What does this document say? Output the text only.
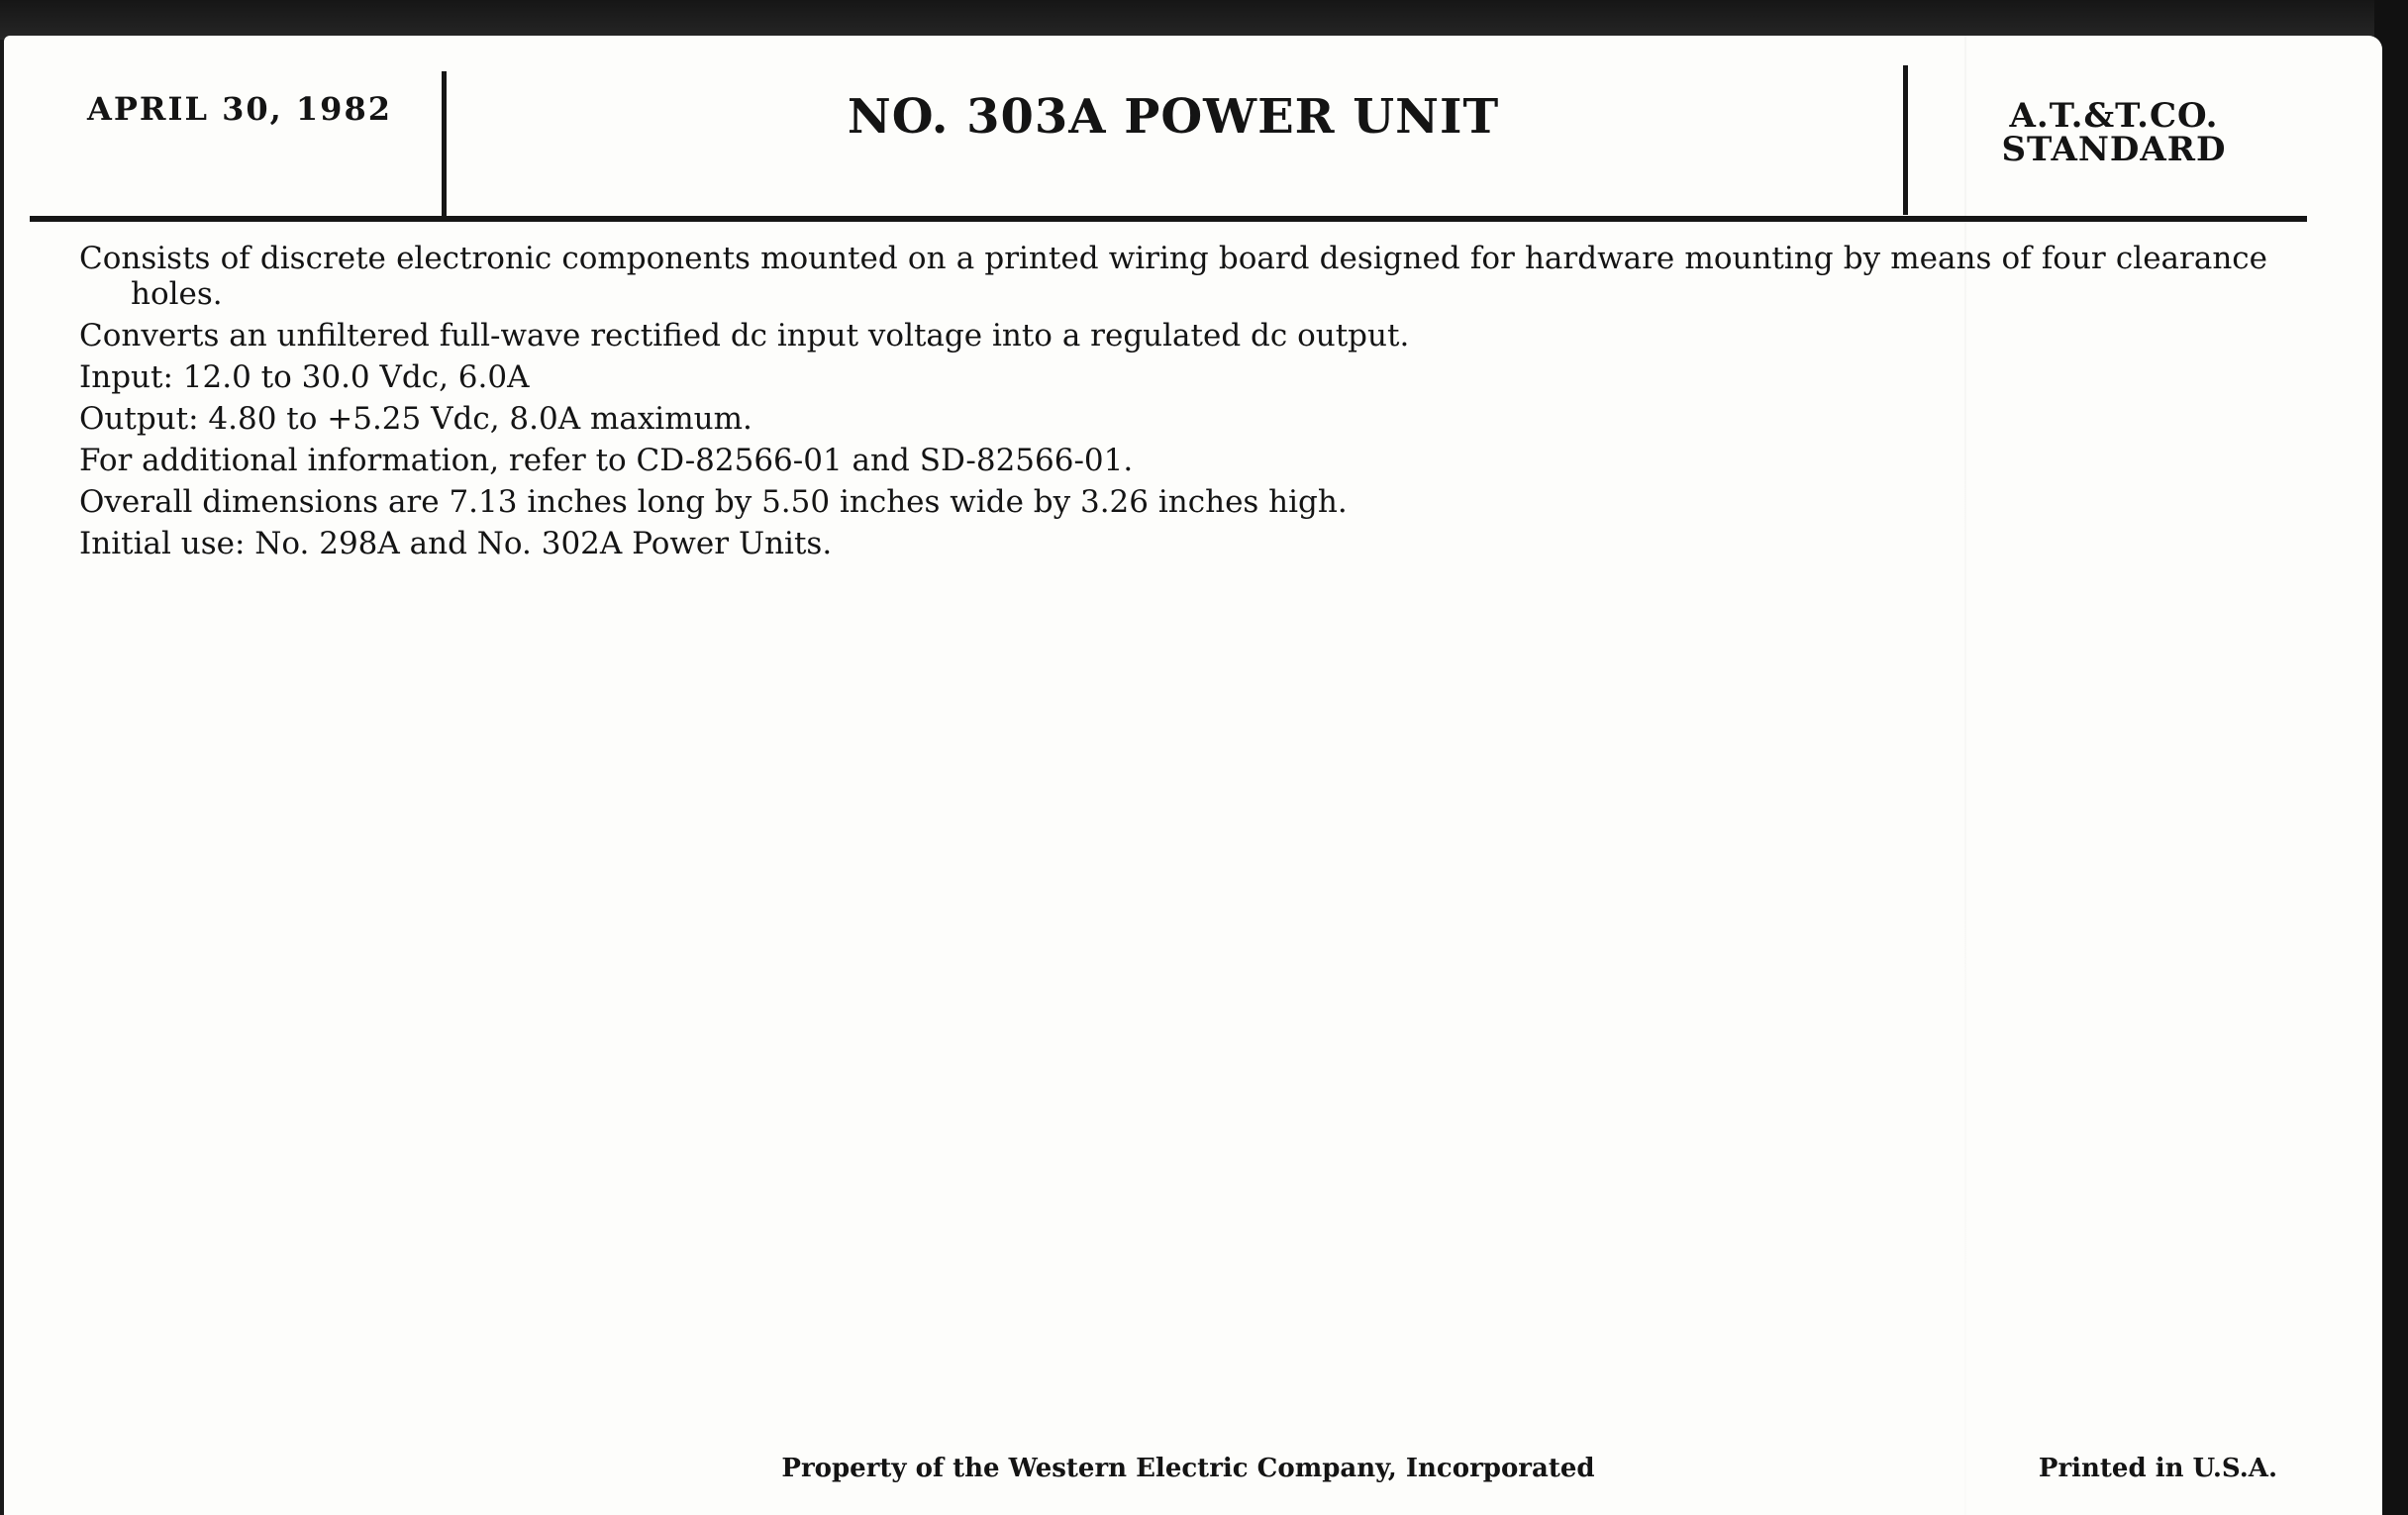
APRIL 30, 1982	NO. 303A POWER UNIT	A.T.&T.CO.
STANDARD

Consists of discrete electronic components mounted on a printed wiring board designed for hardware mounting by means of four clearance holes.

Converts an unfiltered full-wave rectified dc input voltage into a regulated dc output.

Input: 12.0 to 30.0 Vdc, 6.0A

Output: 4.80 to +5.25 Vdc, 8.0A maximum.

For additional information, refer to CD-82566-01 and SD-82566-01.

Overall dimensions are 7.13 inches long by 5.50 inches wide by 3.26 inches high.

Initial use: No. 298A and No. 302A Power Units.

Property of the Western Electric Company, Incorporated	Printed in U.S.A.
